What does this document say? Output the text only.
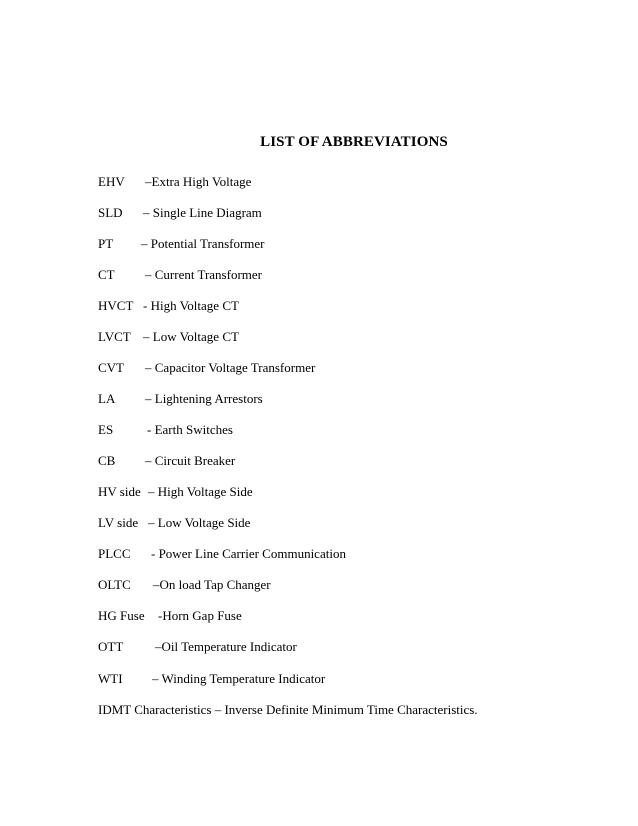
LIST OF ABBREVIATIONS

EHV

–Extra High Voltage

SLD

– Single Line Diagram

PT

– Potential Transformer

CT

– Current Transformer

HVCT

- High Voltage CT

LVCT

– Low Voltage CT

CVT

– Capacitor Voltage Transformer

LA

– Lightening Arrestors

ES

	- Earth Switches

CB

– Circuit Breaker

HV side

– High Voltage Side

LV side

– Low Voltage Side

PLCC

- Power Line Carrier Communication

OLTC

–On load Tap Changer

HG Fuse

-Horn Gap Fuse

OTT

–Oil Temperature Indicator

WTI

– Winding Temperature Indicator

IDMT Characteristics – Inverse Definite Minimum Time Characteristics.
